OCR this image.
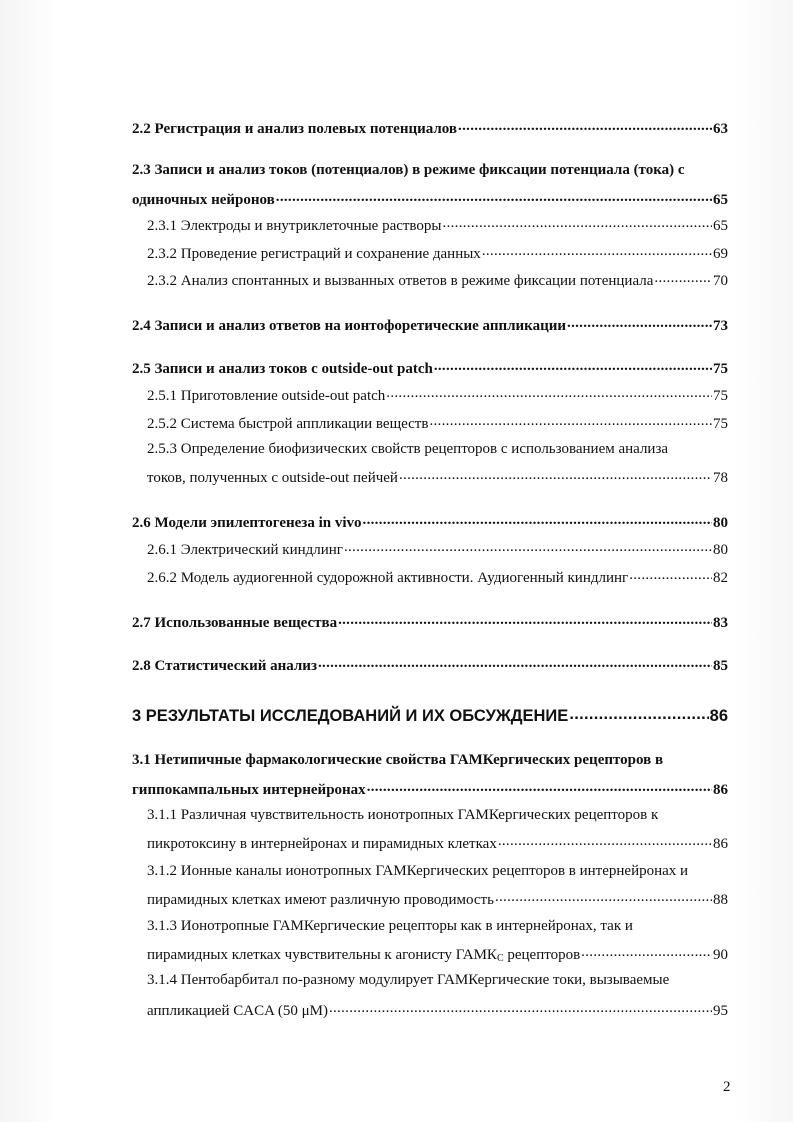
2.2 Регистрация и анализ полевых потенциалов .....	63
2.3 Записи и анализ токов (потенциалов) в режиме фиксации потенциала (тока) с
одиночных нейронов .....	65
2.3.1 Электроды и внутриклеточные растворы .....	65
2.3.2 Проведение регистраций и сохранение данных .....	69
2.3.2 Анализ спонтанных и вызванных ответов в режиме фиксации потенциала .....	70
2.4 Записи и анализ ответов на ионтофоретические аппликации .....	73
2.5 Записи и анализ токов с outside-out patch .....	75
2.5.1 Приготовление outside-out patch .....	75
2.5.2 Система быстрой аппликации веществ .....	75
2.5.3 Определение биофизических свойств рецепторов с использованием анализа
токов, полученных с outside-out пейчей .....	78
2.6 Модели эпилептогенеза in vivo .....	80
2.6.1 Электрический киндлинг .....	80
2.6.2 Модель аудиогенной судорожной активности. Аудиогенный киндлинг .....	82
2.7 Использованные вещества .....	83
2.8 Статистический анализ .....	85
3 РЕЗУЛЬТАТЫ ИССЛЕДОВАНИЙ И ИХ ОБСУЖДЕНИЕ .....	86
3.1 Нетипичные фармакологические свойства ГАМКергических рецепторов в
гиппокампальных интернейронах .....	86
3.1.1 Различная чувствительность ионотропных ГАМКергических рецепторов к
пикротоксину в интернейронах и пирамидных клетках .....	86
3.1.2 Ионные каналы ионотропных ГАМКергических рецепторов в интернейронах и
пирамидных клетках имеют различную проводимость .....	88
3.1.3 Ионотропные ГАМКергические рецепторы как в интернейронах, так и
пирамидных клетках чувствительны к агонисту $ГАМК_C$ рецепторов .....	90
3.1.4 Пентобарбитал по-разному модулирует ГАМКергические токи, вызываемые
аппликацией CACA (50 μM) .....	95
2
